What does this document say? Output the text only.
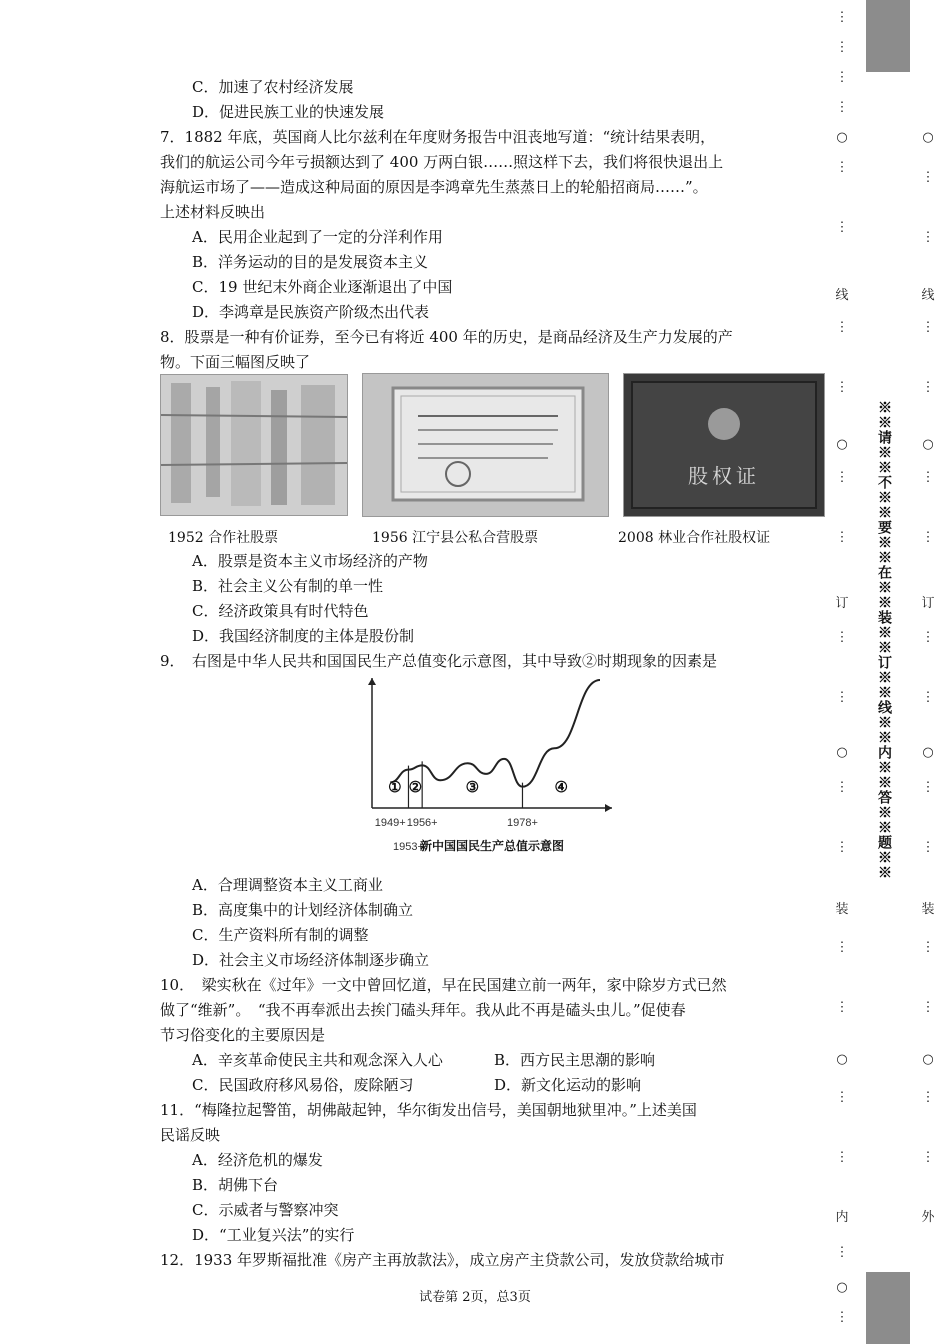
C．加速了农村经济发展
D．促进民族工业的快速发展
7．1882 年底，英国商人比尔兹利在年度财务报告中沮丧地写道：“统计结果表明，
我们的航运公司今年亏损额达到了 400 万两白银……照这样下去，我们将很快退出上
海航运市场了——造成这种局面的原因是李鸿章先生蒸蒸日上的轮船招商局……”。
上述材料反映出
A．民用企业起到了一定的分洋利作用
B．洋务运动的目的是发展资本主义
C．19 世纪末外商企业逐渐退出了中国
D．李鸿章是民族资产阶级杰出代表
8．股票是一种有价证券，至今已有将近 400 年的历史，是商品经济及生产力发展的产
物。下面三幅图反映了
股权证
1952 合作社股票	1956 江宁县公私合营股票	2008 林业合作社股权证
A．股票是资本主义市场经济的产物
B．社会主义公有制的单一性
C．经济政策具有时代特色
D．我国经济制度的主体是股份制
9．　右图是中华人民共和国国民生产总值变化示意图，其中导致②时期现象的因素是
1949+
1953+
1956+	1978+
① ②	③	④
新中国国民生产总值示意图
A．合理调整资本主义工商业
B．高度集中的计划经济体制确立
C．生产资料所有制的调整
D．社会主义市场经济体制逐步确立
10．　梁实秋在《过年》一文中曾回忆道，早在民国建立前一两年，家中除岁方式已然
做了“维新”。　“我不再奉派出去挨门磕头拜年。我从此不再是磕头虫儿。”促使春
节习俗变化的主要原因是
A．辛亥革命使民主共和观念深入人心	B．西方民主思潮的影响
C．民国政府移风易俗，废除陋习	D．新文化运动的影响
11．“梅隆拉起警笛，胡佛敲起钟，华尔街发出信号，美国朝地狱里冲。”上述美国
民谣反映
A．经济危机的爆发
B．胡佛下台
C．示威者与警察冲突
D．“工业复兴法”的实行
12．1933 年罗斯福批准《房产主再放款法》，成立房产主贷款公司，发放贷款给城市
试卷第 2页，总3页
⋮
⋮
⋮
⋮
○
⋮
⋮
线
⋮
⋮
○
⋮
⋮
订
⋮
⋮
○
⋮
⋮
装
⋮
⋮
○
⋮
⋮
内
⋮
○
⋮
※※请※※不※※要※※在※※装※※订※※线※※内※※答※※题※※
○
⋮
⋮
线
⋮
⋮
○
⋮
⋮
订
⋮
⋮
○
⋮
⋮
装
⋮
⋮
○
⋮
⋮
外
